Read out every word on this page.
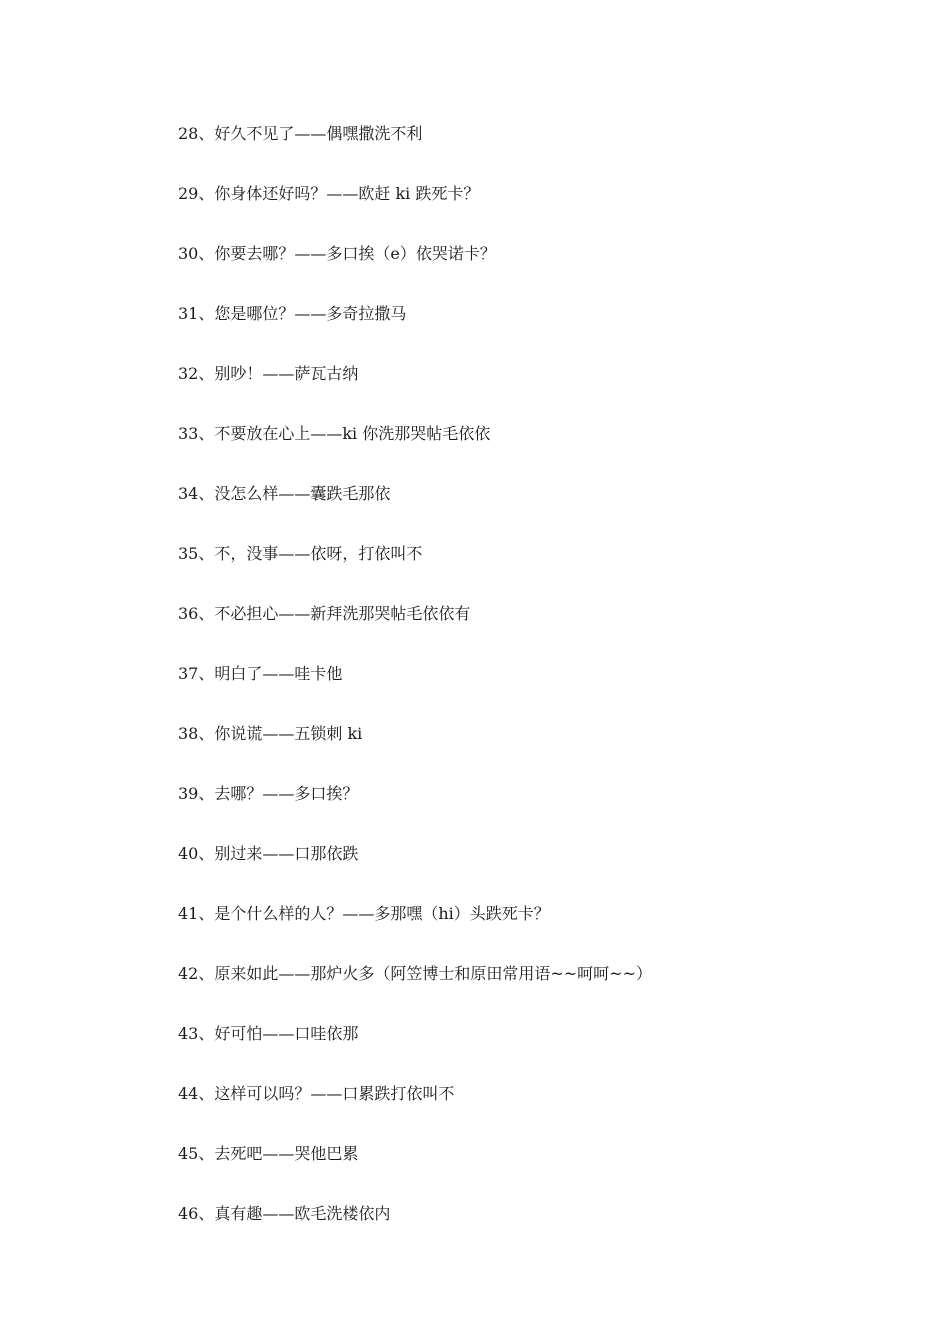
28、好久不见了——偶嘿撒洗不利
29、你身体还好吗？——欧赶 ki 跌死卡？
30、你要去哪？——多口挨（e）依哭诺卡？
31、您是哪位？——多奇拉撒马
32、别吵！——萨瓦古纳
33、不要放在心上——ki 你洗那哭帖毛依依
34、没怎么样——囊跌毛那依
35、不，没事——依呀，打依叫不
36、不必担心——新拜洗那哭帖毛依依有
37、明白了——哇卡他
38、你说谎——五锁刺 ki
39、去哪？——多口挨？
40、别过来——口那依跌
41、是个什么样的人？——多那嘿（hi）头跌死卡？
42、原来如此——那炉火多（阿笠博士和原田常用语~~呵呵~~）
43、好可怕——口哇依那
44、这样可以吗？——口累跌打依叫不
45、去死吧——哭他巴累
46、真有趣——欧毛洗楼依内
